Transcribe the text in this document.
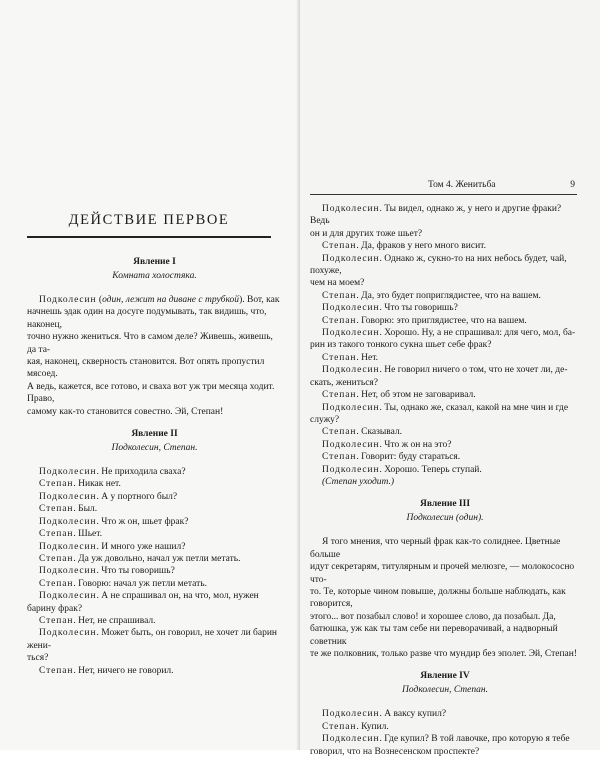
ДЕЙСТВИЕ ПЕРВОЕ
Явление I
Комната холостяка.

Подколесин (один, лежит на диване с трубкой). Вот, как

начнешь эдак один на досуге подумывать, так видишь, что, наконец,

точно нужно жениться. Что в самом деле? Живешь, живешь, да та-

кая, наконец, скверность становится. Вот опять пропустил мясоед.

А ведь, кажется, все готово, и сваха вот уж три месяца ходит. Право,

самому как-то становится совестно. Эй, Степан!

Явление II
Подколесин, Степан.

Подколесин. Не приходила сваха?

Степан. Никак нет.

Подколесин. А у портного был?

Степан. Был.

Подколесин. Что ж он, шьет фрак?

Степан. Шьет.

Подколесин. И много уже нашил?

Степан. Да уж довольно, начал уж петли метать.

Подколесин. Что ты говоришь?

Степан. Говорю: начал уж петли метать.

Подколесин. А не спрашивал он, на что, мол, нужен барину фрак?

Степан. Нет, не спрашивал.

Подколесин. Может быть, он говорил, не хочет ли барин жени-

ться?

Степан. Нет, ничего не говорил.

Том 4. Женитьба	9

Подколесин. Ты видел, однако ж, у него и другие фраки? Ведь

он и для других тоже шьет?

Степан. Да, фраков у него много висит.

Подколесин. Однако ж, сукно-то на них небось будет, чай, похуже,

чем на моем?

Степан. Да, это будет поприглядистее, что на вашем.

Подколесин. Что ты говоришь?

Степан. Говорю: это приглядистее, что на вашем.

Подколесин. Хорошо. Ну, а не спрашивал: для чего, мол, ба-

рин из такого тонкого сукна шьет себе фрак?

Степан. Нет.

Подколесин. Не говорил ничего о том, что не хочет ли, де-

скать, жениться?

Степан. Нет, об этом не заговаривал.

Подколесин. Ты, однако же, сказал, какой на мне чин и где служу?

Степан. Сказывал.

Подколесин. Что ж он на это?

Степан. Говорит: буду стараться.

Подколесин. Хорошо. Теперь ступай.

(Степан уходит.)

Явление III
Подколесин (один).

Я того мнения, что черный фрак как-то солиднее. Цветные больше

идут секретарям, титулярным и прочей мелюзге, — молокососно что-

то. Те, которые чином повыше, должны больше наблюдать, как говорится,

этого... вот позабыл слово! и хорошее слово, да позабыл. Да,

батюшка, уж как ты там себе ни переворачивай, а надворный советник

те же полковник, только разве что мундир без эполет. Эй, Степан!

Явление IV
Подколесин, Степан.

Подколесин. А ваксу купил?

Степан. Купил.

Подколесин. Где купил? В той лавочке, про которую я тебе

говорил, что на Вознесенском проспекте?
